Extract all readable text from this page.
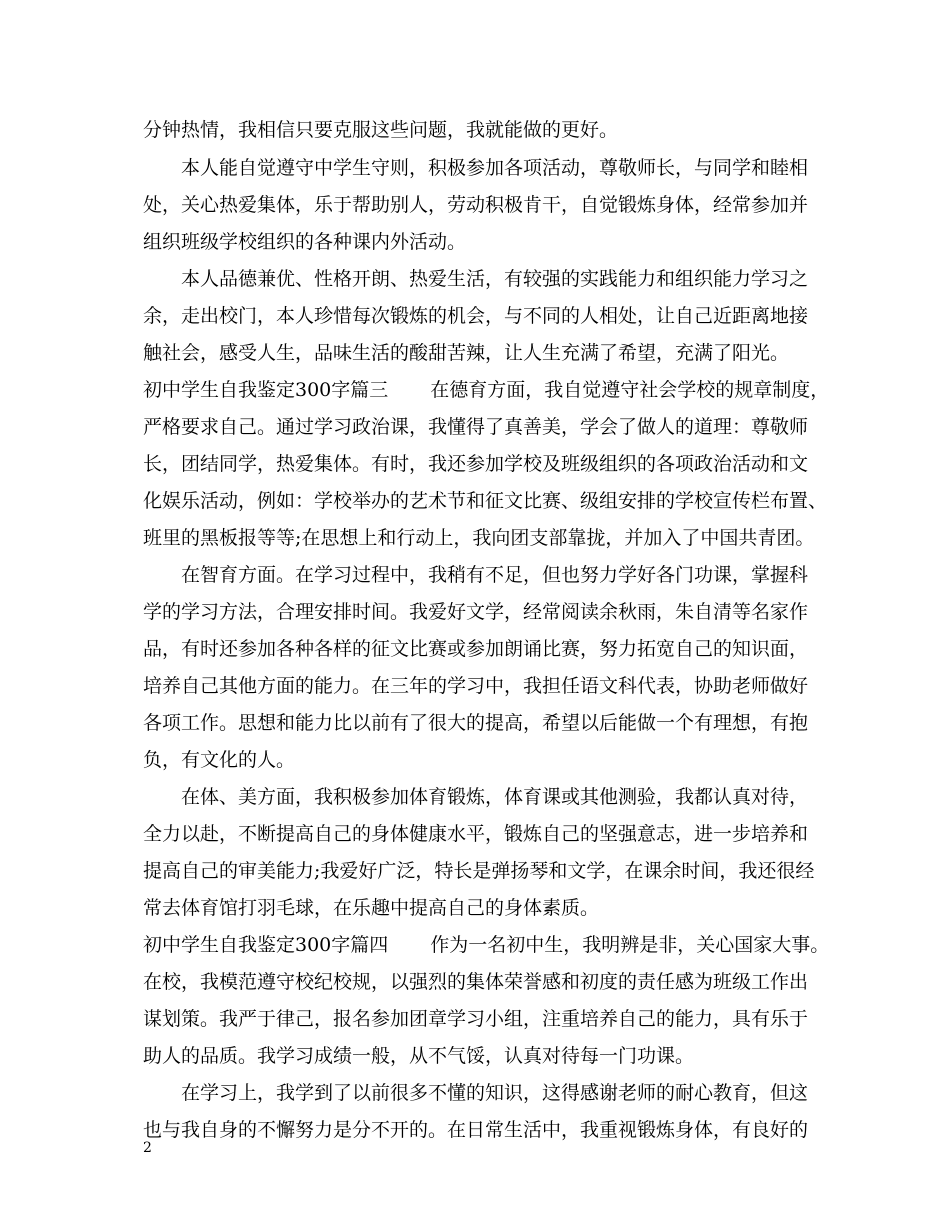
分钟热情，我相信只要克服这些问题，我就能做的更好。
本人能自觉遵守中学生守则，积极参加各项活动，尊敬师长，与同学和睦相
处，关心热爱集体，乐于帮助别人，劳动积极肯干，自觉锻炼身体，经常参加并
组织班级学校组织的各种课内外活动。
本人品德兼优、性格开朗、热爱生活，有较强的实践能力和组织能力学习之
余，走出校门，本人珍惜每次锻炼的机会，与不同的人相处，让自己近距离地接
触社会，感受人生，品味生活的酸甜苦辣，让人生充满了希望，充满了阳光。
初中学生自我鉴定300字篇三 在德育方面，我自觉遵守社会学校的规章制度，
严格要求自己。通过学习政治课，我懂得了真善美，学会了做人的道理：尊敬师
长，团结同学，热爱集体。有时，我还参加学校及班级组织的各项政治活动和文
化娱乐活动，例如：学校举办的艺术节和征文比赛、级组安排的学校宣传栏布置、
班里的黑板报等等;在思想上和行动上，我向团支部靠拢，并加入了中国共青团。
在智育方面。在学习过程中，我稍有不足，但也努力学好各门功课，掌握科
学的学习方法，合理安排时间。我爱好文学，经常阅读余秋雨，朱自清等名家作
品，有时还参加各种各样的征文比赛或参加朗诵比赛，努力拓宽自己的知识面，
培养自己其他方面的能力。在三年的学习中，我担任语文科代表，协助老师做好
各项工作。思想和能力比以前有了很大的提高，希望以后能做一个有理想，有抱
负，有文化的人。
在体、美方面，我积极参加体育锻炼，体育课或其他测验，我都认真对待，
全力以赴，不断提高自己的身体健康水平，锻炼自己的坚强意志，进一步培养和
提高自己的审美能力;我爱好广泛，特长是弹扬琴和文学，在课余时间，我还很经
常去体育馆打羽毛球，在乐趣中提高自己的身体素质。
初中学生自我鉴定300字篇四 作为一名初中生，我明辨是非，关心国家大事。
在校，我模范遵守校纪校规，以强烈的集体荣誉感和初度的责任感为班级工作出
谋划策。我严于律己，报名参加团章学习小组，注重培养自己的能力，具有乐于
助人的品质。我学习成绩一般，从不气馁，认真对待每一门功课。
在学习上，我学到了以前很多不懂的知识，这得感谢老师的耐心教育，但这
也与我自身的不懈努力是分不开的。在日常生活中，我重视锻炼身体，有良好的
2
